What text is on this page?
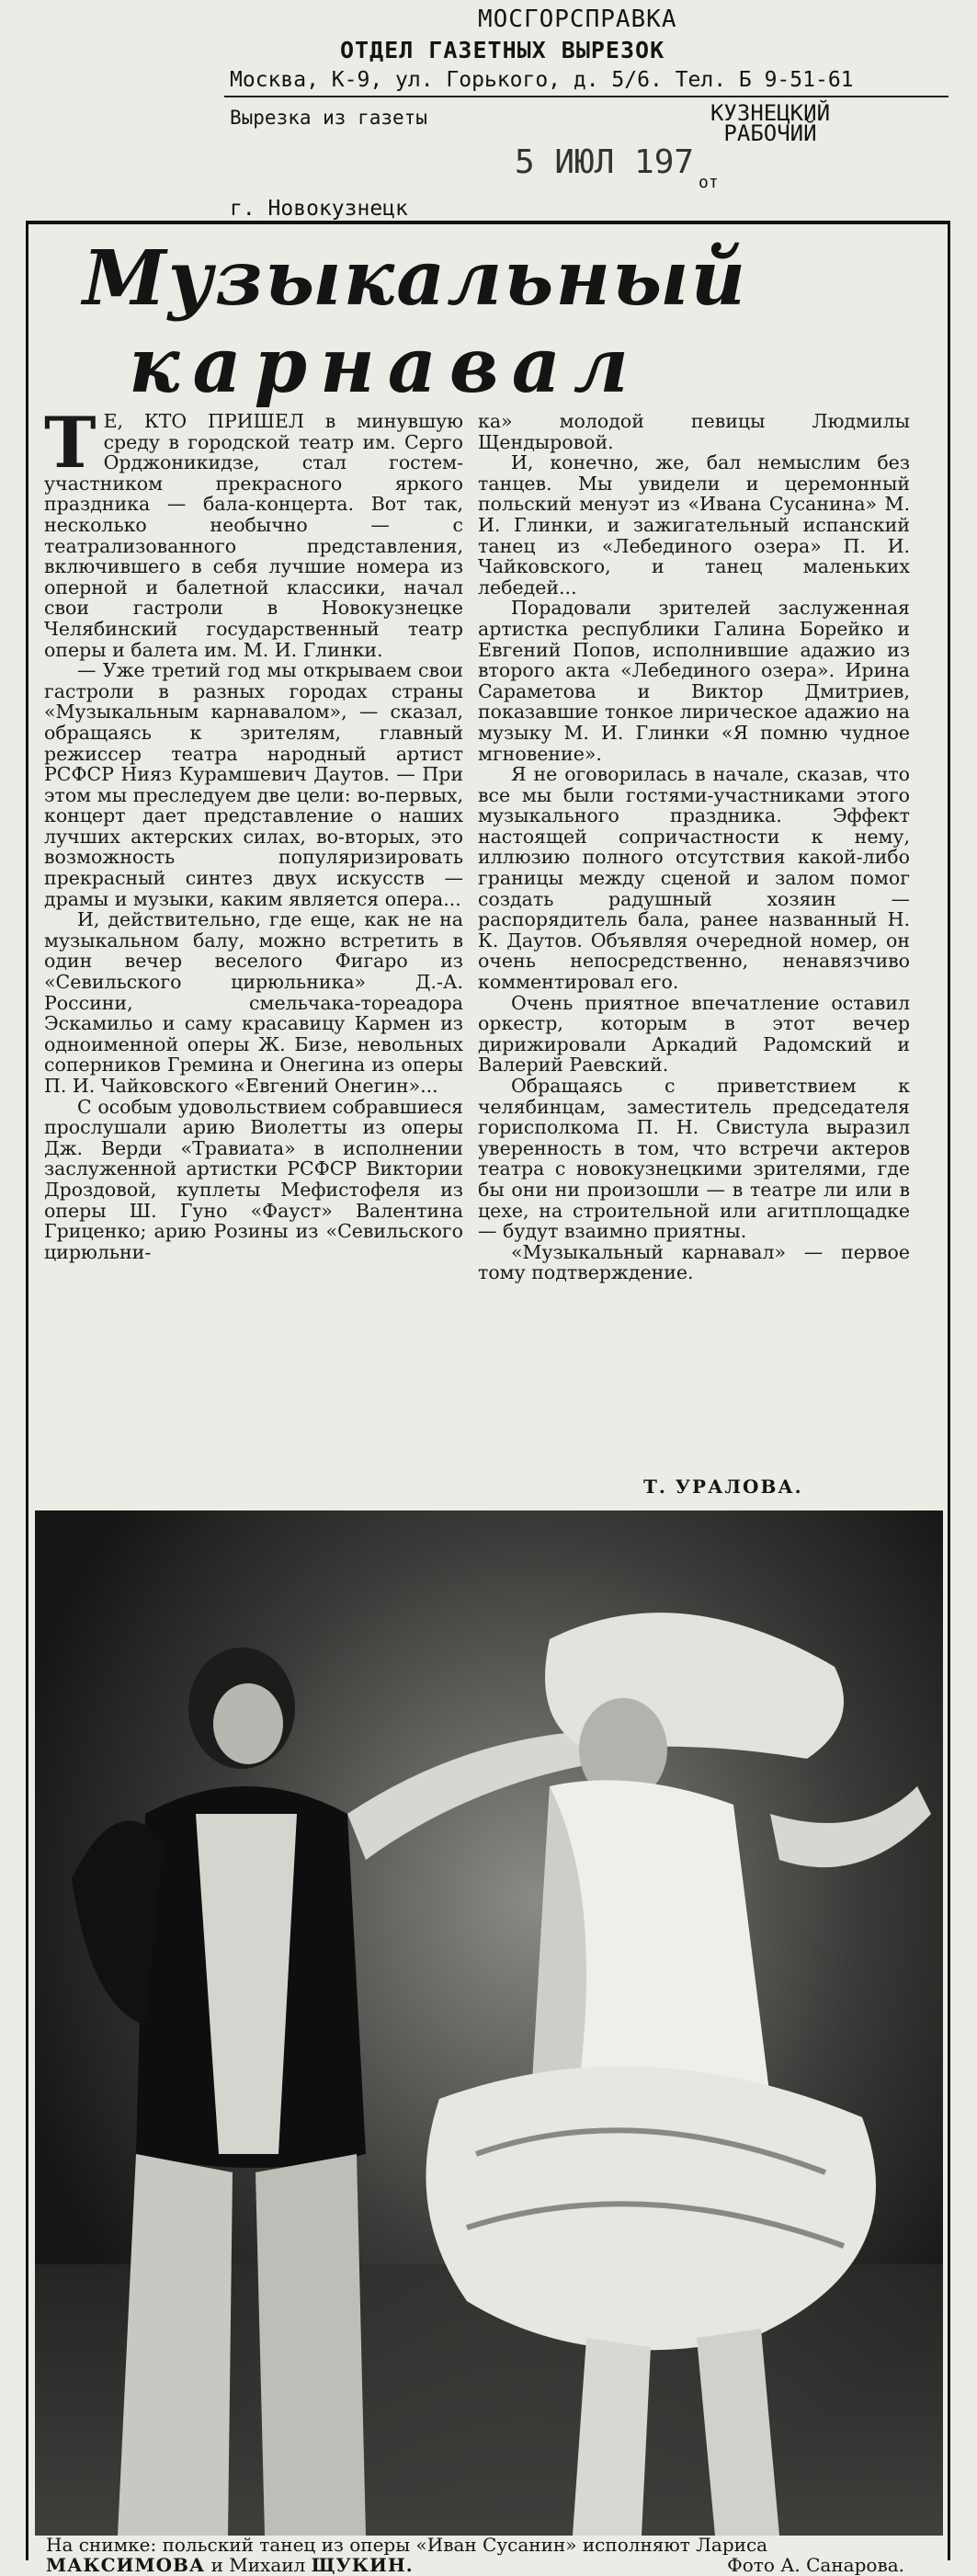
МОСГОРСПРАВКА
ОТДЕЛ ГАЗЕТНЫХ ВЫРЕЗОК
Москва, К-9, ул. Горького, д. 5/6. Тел. Б 9-51-61
Вырезка из газеты	КУЗНЕЦКИЙ
РАБОЧИЙ
5 ИЮЛ 197
от
г. Новокузнецк
Музыкальный
карнавал

Т Е, КТО ПРИШЕЛ в минувшую среду в городской театр им. Серго Орджоникидзе, стал гостем-участником прекрасного яркого праздника — бала-концерта. Вот так, несколько необычно — с театрализованного представления, включившего в себя лучшие номера из оперной и балетной классики, начал свои гастроли в Новокузнецке Челябинский государственный театр оперы и балета им. М. И. Глинки.

— Уже третий год мы открываем свои гастроли в разных городах страны «Музыкальным карнавалом», — сказал, обращаясь к зрителям, главный режиссер театра народный артист РСФСР Нияз Курамшевич Даутов. — При этом мы преследуем две цели: во-первых, концерт дает представление о наших лучших актерских силах, во-вторых, это возможность популяризировать прекрасный синтез двух искусств — драмы и музыки, каким является опера...

И, действительно, где еще, как не на музыкальном балу, можно встретить в один вечер веселого Фигаро из «Севильского цирюльника» Д.-А. Россини, смельчака-тореадора Эскамильо и саму красавицу Кармен из одноименной оперы Ж. Бизе, невольных соперников Гремина и Онегина из оперы П. И. Чайковского «Евгений Онегин»...

С особым удовольствием собравшиеся прослушали арию Виолетты из оперы Дж. Верди «Травиата» в исполнении заслуженной артистки РСФСР Виктории Дроздовой, куплеты Мефистофеля из оперы Ш. Гуно «Фауст» Валентина Гриценко; арию Розины из «Севильского цирюльни-

ка» молодой певицы Людмилы Щендыровой.

И, конечно, же, бал немыслим без танцев. Мы увидели и церемонный польский менуэт из «Ивана Сусанина» М. И. Глинки, и зажигательный испанский танец из «Лебединого озера» П. И. Чайковского, и танец маленьких лебедей...

Порадовали зрителей заслуженная артистка республики Галина Борейко и Евгений Попов, исполнившие адажио из второго акта «Лебединого озера». Ирина Сараметова и Виктор Дмитриев, показавшие тонкое лирическое адажио на музыку М. И. Глинки «Я помню чудное мгновение».

Я не оговорилась в начале, сказав, что все мы были гостями-участниками этого музыкального праздника. Эффект настоящей сопричастности к нему, иллюзию полного отсутствия какой-либо границы между сценой и залом помог создать радушный хозяин — распорядитель бала, ранее названный Н. К. Даутов. Объявляя очередной номер, он очень непосредственно, ненавязчиво комментировал его.

Очень приятное впечатление оставил оркестр, которым в этот вечер дирижировали Аркадий Радомский и Валерий Раевский.

Обращаясь с приветствием к челябинцам, заместитель председателя горисполкома П. Н. Свистула выразил уверенность в том, что встречи актеров театра с новокузнецкими зрителями, где бы они ни произошли — в театре ли или в цехе, на строительной или агитплощадке — будут взаимно приятны.

«Музыкальный карнавал» — первое тому подтверждение.

Т. УРАЛОВА.
На снимке: польский танец из оперы «Иван Сусанин» исполняют Лариса МАКСИМОВА и Михаил ЩУКИН.	Фото А. Санарова.
